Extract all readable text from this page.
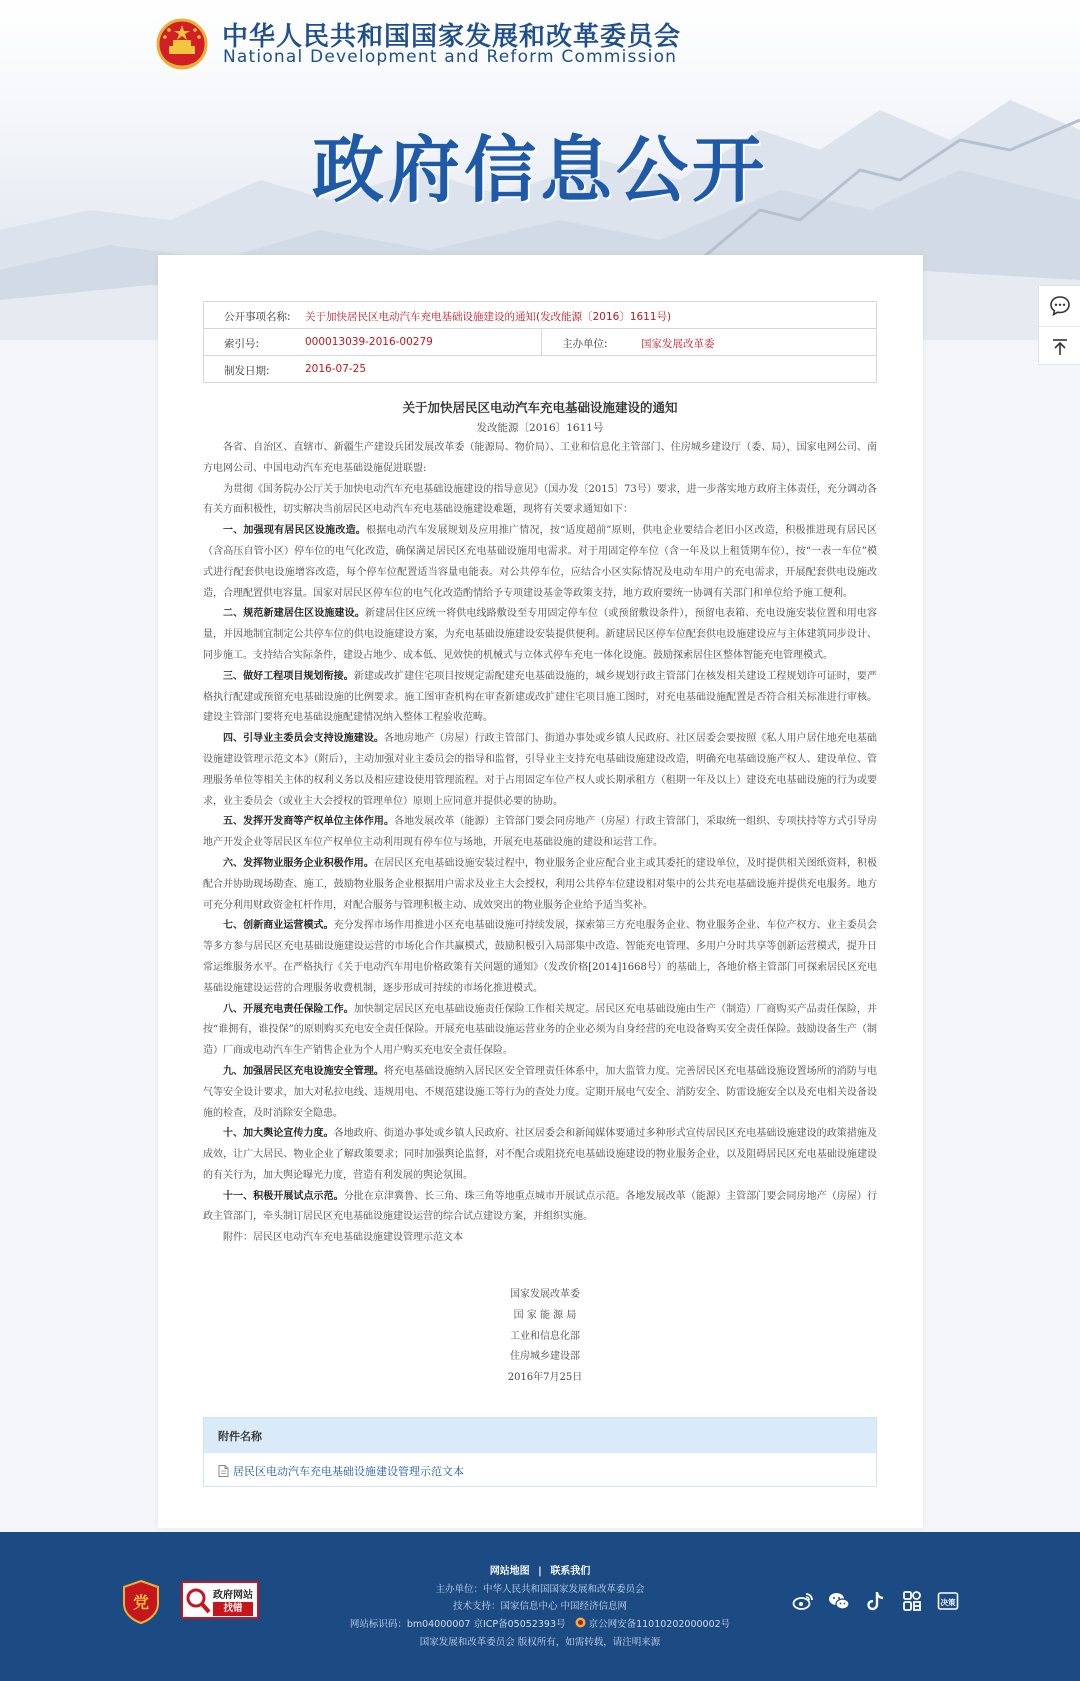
中华人民共和国国家发展和改革委员会
National Development and Reform Commission
政府信息公开
公开事项名称: 关于加快居民区电动汽车充电基础设施建设的通知(发改能源〔2016〕1611号)
索引号:	000013039-2016-00279	主办单位:	国家发展改革委
制发日期:	2016-07-25
关于加快居民区电动汽车充电基础设施建设的通知
发改能源〔2016〕1611号

各省、自治区、直辖市、新疆生产建设兵团发展改革委（能源局、物价局）、工业和信息化主管部门、住房城乡建设厅（委、局），国家电网公司、南方电网公司、中国电动汽车充电基础设施促进联盟:

为贯彻《国务院办公厅关于加快电动汽车充电基础设施建设的指导意见》（国办发〔2015〕73号）要求，进一步落实地方政府主体责任，充分调动各有关方面积极性，切实解决当前居民区电动汽车充电基础设施建设难题，现将有关要求通知如下：

一、加强现有居民区设施改造。根据电动汽车发展规划及应用推广情况，按“适度超前”原则，供电企业要结合老旧小区改造，积极推进现有居民区（含高压自管小区）停车位的电气化改造，确保满足居民区充电基础设施用电需求。对于用固定停车位（含一年及以上租赁期车位），按“一表一车位”模式进行配套供电设施增容改造，每个停车位配置适当容量电能表。对公共停车位，应结合小区实际情况及电动车用户的充电需求，开展配套供电设施改造，合理配置供电容量。国家对居民区停车位的电气化改造酌情给予专项建设基金等政策支持，地方政府要统一协调有关部门和单位给予施工便利。

二、规范新建居住区设施建设。新建居住区应统一将供电线路敷设至专用固定停车位（或预留敷设条件），预留电表箱、充电设施安装位置和用电容量，并因地制宜制定公共停车位的供电设施建设方案，为充电基础设施建设安装提供便利。新建居民区停车位配套供电设施建设应与主体建筑同步设计、同步施工。支持结合实际条件，建设占地少、成本低、见效快的机械式与立体式停车充电一体化设施。鼓励探索居住区整体智能充电管理模式。

三、做好工程项目规划衔接。新建或改扩建住宅项目按规定需配建充电基础设施的，城乡规划行政主管部门在核发相关建设工程规划许可证时，要严格执行配建或预留充电基础设施的比例要求。施工图审查机构在审查新建或改扩建住宅项目施工图时，对充电基础设施配置是否符合相关标准进行审核。建设主管部门要将充电基础设施配建情况纳入整体工程验收范畴。

四、引导业主委员会支持设施建设。各地房地产（房屋）行政主管部门、街道办事处或乡镇人民政府、社区居委会要按照《私人用户居住地充电基础设施建设管理示范文本》（附后），主动加强对业主委员会的指导和监督，引导业主支持充电基础设施建设改造，明确充电基础设施产权人、建设单位、管理服务单位等相关主体的权利义务以及相应建设使用管理流程。对于占用固定车位产权人或长期承租方（租期一年及以上）建设充电基础设施的行为或要求，业主委员会（或业主大会授权的管理单位）原则上应同意并提供必要的协助。

五、发挥开发商等产权单位主体作用。各地发展改革（能源）主管部门要会同房地产（房屋）行政主管部门，采取统一组织、专项扶持等方式引导房地产开发企业等居民区车位产权单位主动利用现有停车位与场地，开展充电基础设施的建设和运营工作。

六、发挥物业服务企业积极作用。在居民区充电基础设施安装过程中，物业服务企业应配合业主或其委托的建设单位，及时提供相关图纸资料，积极配合并协助现场勘查、施工，鼓励物业服务企业根据用户需求及业主大会授权，利用公共停车位建设相对集中的公共充电基础设施并提供充电服务。地方可充分利用财政资金杠杆作用，对配合服务与管理积极主动、成效突出的物业服务企业给予适当奖补。

七、创新商业运营模式。充分发挥市场作用推进小区充电基础设施可持续发展，探索第三方充电服务企业、物业服务企业、车位产权方、业主委员会等多方参与居民区充电基础设施建设运营的市场化合作共赢模式，鼓励积极引入局部集中改造、智能充电管理、多用户分时共享等创新运营模式，提升日常运维服务水平。在严格执行《关于电动汽车用电价格政策有关问题的通知》（发改价格[2014]1668号）的基础上，各地价格主管部门可探索居民区充电基础设施建设运营的合理服务收费机制，逐步形成可持续的市场化推进模式。

八、开展充电责任保险工作。加快制定居民区充电基础设施责任保险工作相关规定。居民区充电基础设施由生产（制造）厂商购买产品责任保险，并按“谁拥有，谁投保”的原则购买充电安全责任保险。开展充电基础设施运营业务的企业必须为自身经营的充电设备购买安全责任保险。鼓励设备生产（制造）厂商或电动汽车生产销售企业为个人用户购买充电安全责任保险。

九、加强居民区充电设施安全管理。将充电基础设施纳入居民区安全管理责任体系中，加大监管力度。完善居民区充电基础设施设置场所的消防与电气等安全设计要求，加大对私拉电线、违规用电、不规范建设施工等行为的查处力度。定期开展电气安全、消防安全、防雷设施安全以及充电相关设备设施的检查，及时消除安全隐患。

十、加大舆论宣传力度。各地政府、街道办事处或乡镇人民政府、社区居委会和新闻媒体要通过多种形式宣传居民区充电基础设施建设的政策措施及成效，让广大居民、物业企业了解政策要求；同时加强舆论监督，对不配合或阻挠充电基础设施建设的物业服务企业，以及阻碍居民区充电基础设施建设的有关行为，加大舆论曝光力度，营造有利发展的舆论氛围。

十一、积极开展试点示范。分批在京津冀鲁、长三角、珠三角等地重点城市开展试点示范。各地发展改革（能源）主管部门要会同房地产（房屋）行政主管部门，牵头制订居民区充电基础设施建设运营的综合试点建设方案，并组织实施。

附件：居民区电动汽车充电基础设施建设管理示范文本

国家发展改革委
国 家 能 源 局
工业和信息化部
住房城乡建设部
2016年7月25日
附件名称
居民区电动汽车充电基础设施建设管理示范文本
网站地图 | 联系我们
主办单位：中华人民共和国国家发展和改革委员会
技术支持：国家信息中心 中国经济信息网
网站标识码：bm04000007 京ICP备05052393号 京公网安备11010202000002号
国家发展和改革委员会 版权所有，如需转载，请注明来源
党	政府网站
找错
决策
